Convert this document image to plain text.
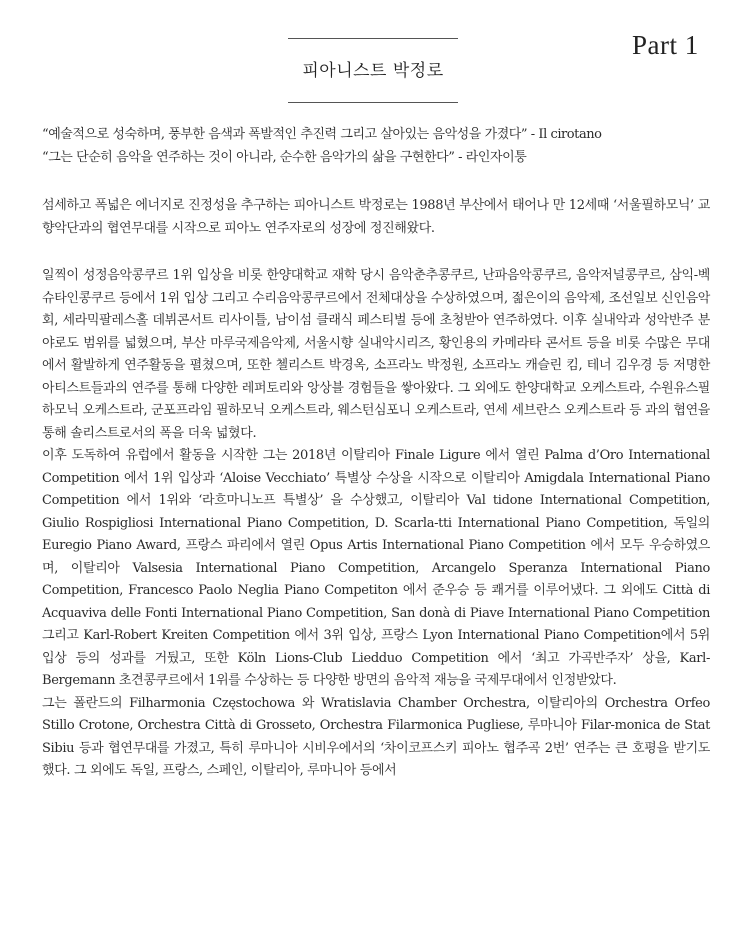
Part 1
피아니스트 박정로

“예술적으로 성숙하며, 풍부한 음색과 폭발적인 추진력 그리고 살아있는 음악성을 가졌다” - Il cirotano

“그는 단순히 음악을 연주하는 것이 아니라, 순수한 음악가의 삶을 구현한다” - 라인자이퉁

섬세하고 폭넓은 에너지로 진정성을 추구하는 피아니스트 박정로는 1988년 부산에서 태어나 만 12세때 ‘서울필하모닉’ 교향악단과의 협연무대를 시작으로 피아노 연주자로의 성장에 정진해왔다.

일찍이 성정음악콩쿠르 1위 입상을 비롯 한양대학교 재학 당시 음악춘추콩쿠르, 난파음악콩쿠르, 음악저널콩쿠르, 삼익-벡슈타인콩쿠르 등에서 1위 입상 그리고 수리음악콩쿠르에서 전체대상을 수상하였으며, 젊은이의 음악제, 조선일보 신인음악회, 세라믹팔레스홀 데뷔콘서트 리사이틀, 남이섬 클래식 페스티벌 등에 초청받아 연주하였다. 이후 실내악과 성악반주 분야로도 범위를 넓혔으며, 부산 마루국제음악제, 서울시향 실내악시리즈, 황인용의 카메라타 콘서트 등을 비롯 수많은 무대에서 활발하게 연주활동을 펼쳤으며, 또한 첼리스트 박경옥, 소프라노 박정원, 소프라노 캐슬린 킴, 테너 김우경 등 저명한 아티스트들과의 연주를 통해 다양한 레퍼토리와 앙상블 경험들을 쌓아왔다. 그 외에도 한양대학교 오케스트라, 수원유스필하모닉 오케스트라, 군포프라임 필하모닉 오케스트라, 웨스턴심포니 오케스트라, 연세 세브란스 오케스트라 등 과의 협연을 통해 솔리스트로서의 폭을 더욱 넓혔다.

이후 도독하여 유럽에서 활동을 시작한 그는 2018년 이탈리아 Finale Ligure 에서 열린 Palma d’Oro International Competition 에서 1위 입상과 ‘Aloise Vecchiato’ 특별상 수상을 시작으로 이탈리아 Amigdala International Piano Competition 에서 1위와 ‘라흐마니노프 특별상’ 을 수상했고, 이탈리아 Val tidone International Competition, Giulio Rospigliosi International Piano Competition, D. Scarla-tti International Piano Competition, 독일의 Euregio Piano Award, 프랑스 파리에서 열린 Opus Artis International Piano Competition 에서 모두 우승하였으며, 이탈리아 Valsesia International Piano Competition, Arcangelo Speranza International Piano Competition, Francesco Paolo Neglia Piano Competiton 에서 준우승 등 쾌거를 이루어냈다. 그 외에도 Città di Acquaviva delle Fonti International Piano Competition, San donà di Piave International Piano Competition 그리고 Karl-Robert Kreiten Competition 에서 3위 입상, 프랑스 Lyon International Piano Competition에서 5위 입상 등의 성과를 거뒀고, 또한 Köln Lions-Club Liedduo Competition 에서 ‘최고 가곡반주자’ 상을, Karl- Bergemann 초견콩쿠르에서 1위를 수상하는 등 다양한 방면의 음악적 재능을 국제무대에서 인정받았다.

그는 폴란드의 Filharmonia Częstochowa 와 Wratislavia Chamber Orchestra, 이탈리아의 Orchestra Orfeo Stillo Crotone, Orchestra Città di Grosseto, Orchestra Filarmonica Pugliese, 루마니아 Filar-monica de Stat Sibiu 등과 협연무대를 가졌고, 특히 루마니아 시비우에서의 ‘차이코프스키 피아노 협주곡 2번’ 연주는 큰 호평을 받기도 했다. 그 외에도 독일, 프랑스, 스페인, 이탈리아, 루마니아 등에서
